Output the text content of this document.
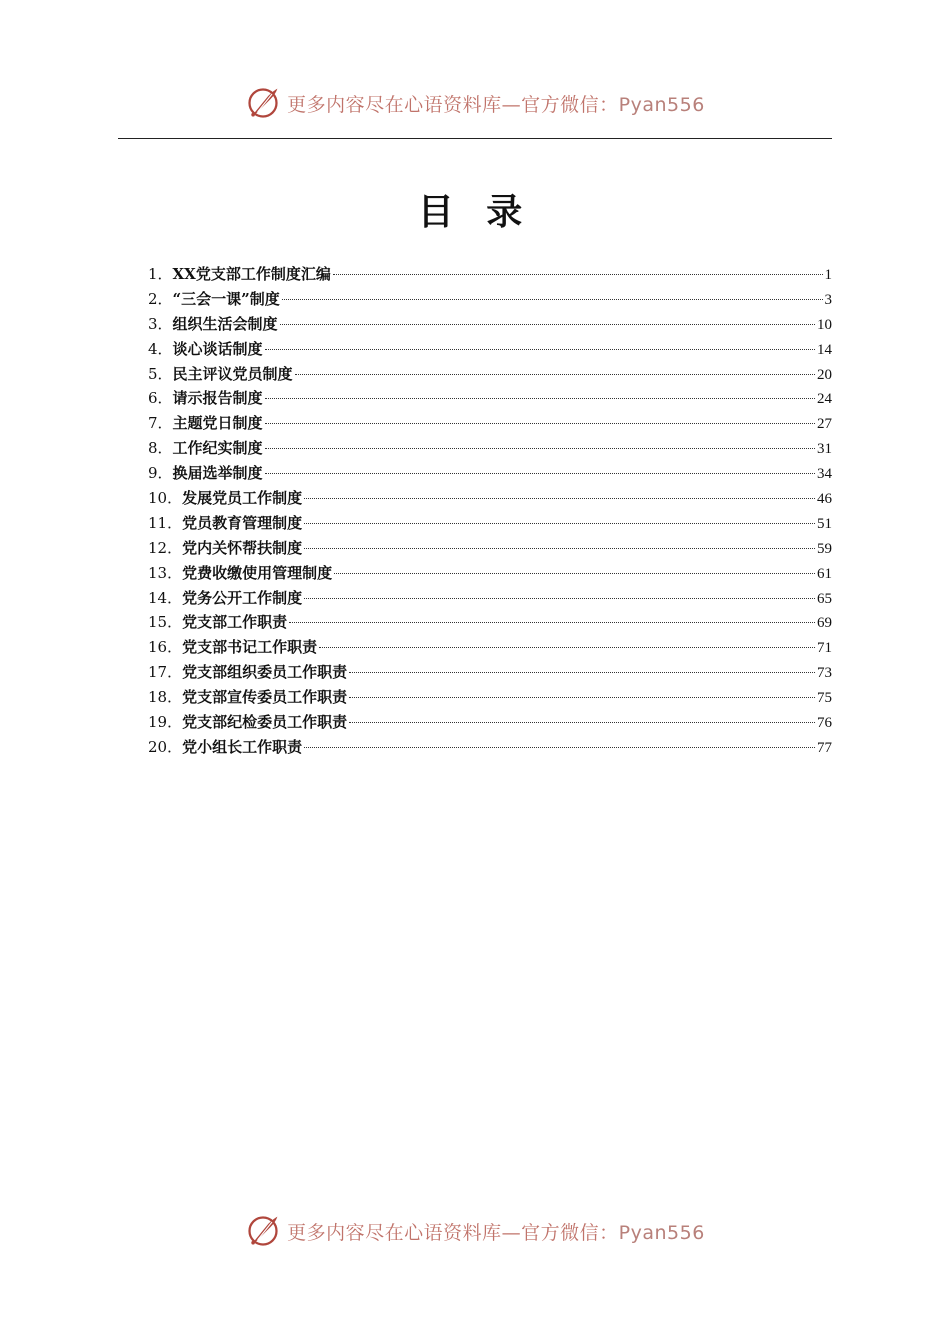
更多内容尽在心语资料库—官方微信：Pyan556
目 录
1． XX党支部工作制度汇编	1
2． “三会一课”制度	3
3． 组织生活会制度	10
4． 谈心谈话制度	14
5． 民主评议党员制度	20
6． 请示报告制度	24
7． 主题党日制度	27
8． 工作纪实制度	31
9． 换届选举制度	34
10． 发展党员工作制度	46
11． 党员教育管理制度	51
12． 党内关怀帮扶制度	59
13． 党费收缴使用管理制度	61
14． 党务公开工作制度	65
15． 党支部工作职责	69
16． 党支部书记工作职责	71
17． 党支部组织委员工作职责	73
18． 党支部宣传委员工作职责	75
19． 党支部纪检委员工作职责	76
20． 党小组长工作职责	77
更多内容尽在心语资料库—官方微信：Pyan556
